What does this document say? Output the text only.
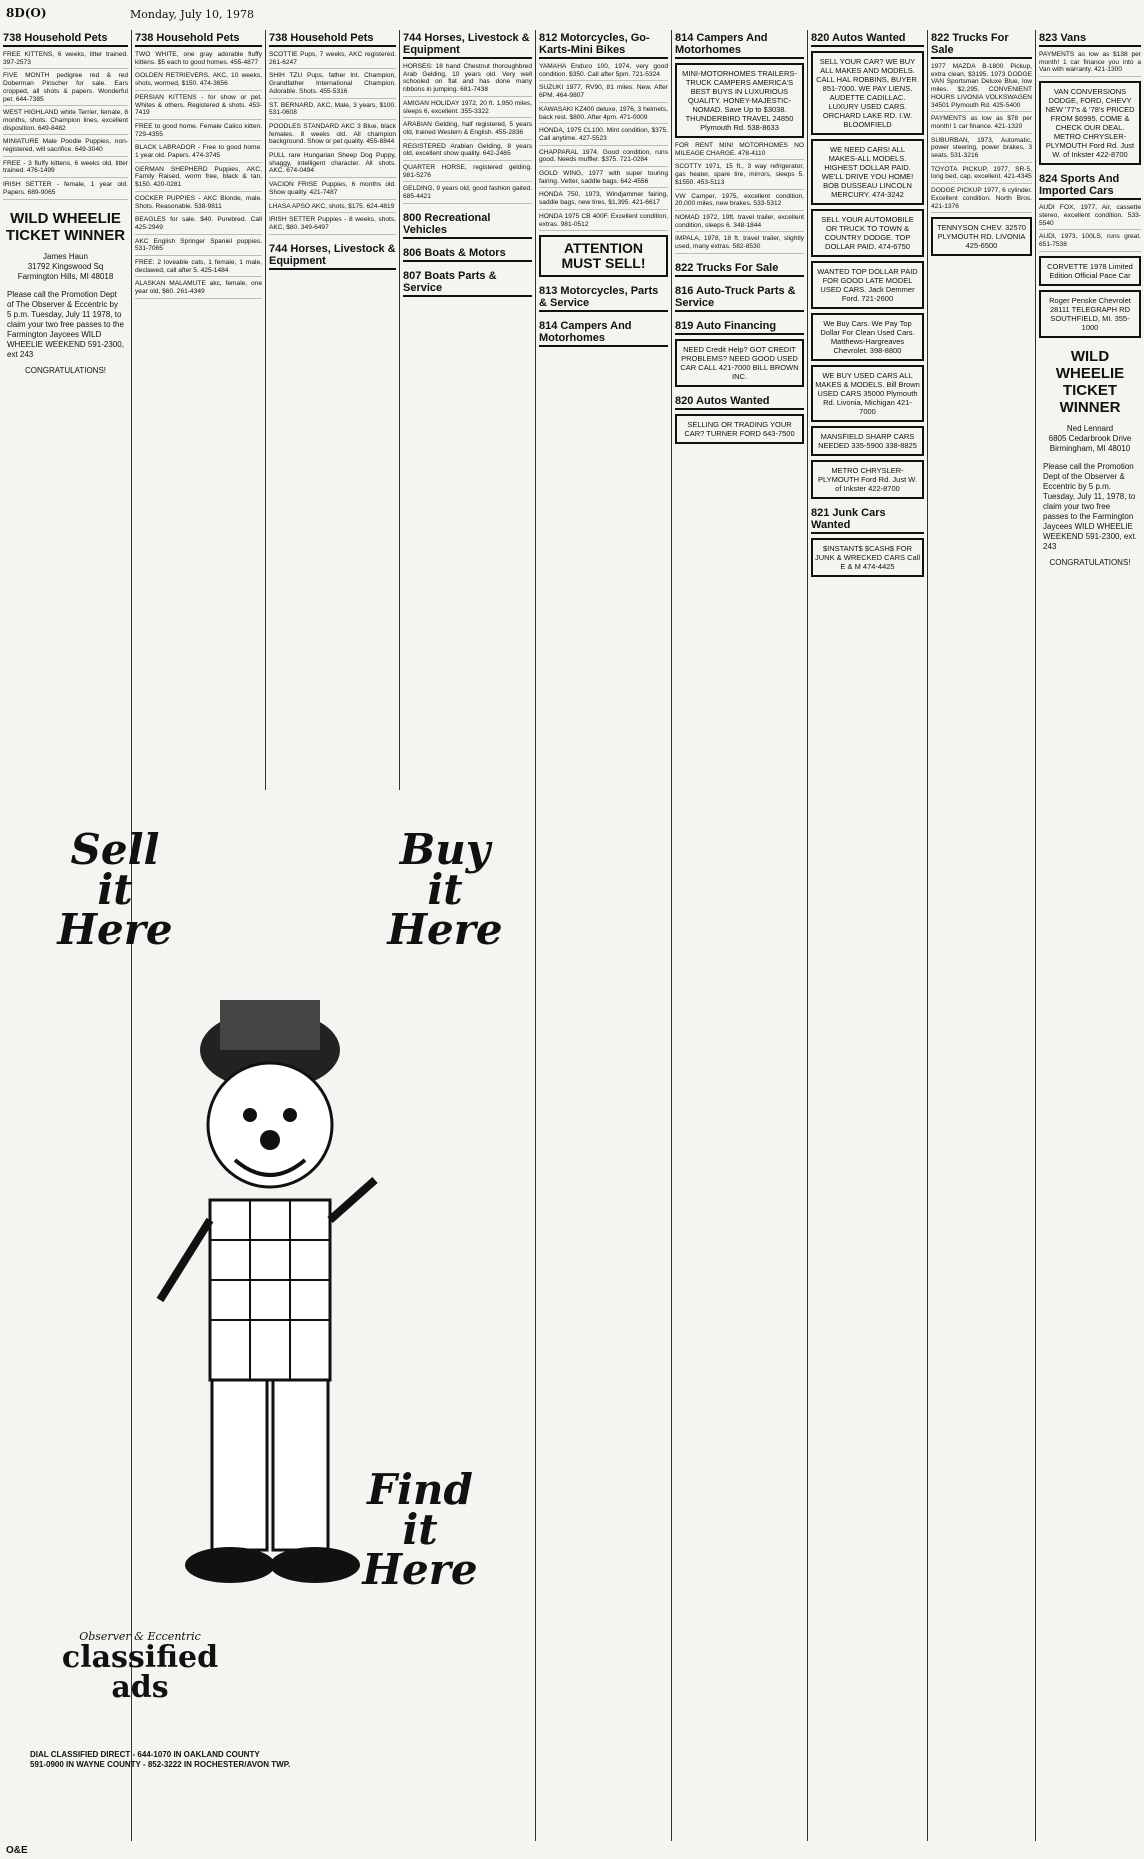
8D(O)	Monday, July 10, 1978
738 Household Pets
FREE KITTENS, 6 weeks, litter trained. 397-2573
FIVE MONTH pedigree red & red Doberman Pinscher for sale. Ears cropped, all shots & papers. Wonderful pet. 644-7385
WEST HIGHLAND white Terrier, female, 8 months, shots. Champion lines, excellent disposition. 649-8482
MINIATURE Male Poodle Puppies, non-registered, will sacrifice. 649-3040
FREE - 3 fluffy kittens, 6 weeks old, litter trained. 476-1499
IRISH SETTER - female, 1 year old. Papers. 689-9065
WILD WHEELIE TICKET WINNER
James Haun
31792 Kingswood Sq
Farmington Hills, MI 48018
Please call the Promotion Dept of The Observer & Eccentric by 5 p.m. Tuesday, July 11 1978, to claim your two free passes to the Farmington Jaycees WILD WHEELIE WEEKEND 591-2300, ext 243
CONGRATULATIONS!
738 Household Pets
TWO WHITE, one gray adorable fluffy kittens. $5 each to good homes. 455-4877
GOLDEN RETRIEVERS, AKC, 10 weeks, shots, wormed, $150. 474-3656
PERSIAN KITTENS - for show or pet. Whites & others. Registered & shots. 453-7419
FREE to good home. Female Calico kitten. 729-4355
BLACK LABRADOR - Free to good home. 1 year old. Papers. 474-3745
GERMAN SHEPHERD Puppies, AKC, Family Raised, worm free, black & tan, $150. 420-0281
COCKER PUPPIES - AKC Blonde, male. Shots. Reasonable. 538-9811
BEAGLES for sale. $40. Purebred. Call 425-2949
AKC English Springer Spaniel puppies. 531-7065
FREE: 2 loveable cats, 1 female, 1 male, declawed, call after 5. 425-1484
ALASKAN MALAMUTE akc, female, one year old, $60. 261-4349
738 Household Pets
SCOTTIE Pups, 7 weeks, AKC registered. 261-6247
SHIH TZU Pups, father Int. Champion, Grandfather International Champion. Adorable. Shots. 455-5316
ST. BERNARD, AKC, Male, 3 years, $100. 531-0608
POODLES STANDARD AKC 3 Blue, black females. 8 weeks old. All champion background. Show or pet quality. 455-8844
PULL rare Hungarian Sheep Dog Puppy, shaggy, intelligent character. All shots. AKC. 674-0494
VACION FRISE Puppies, 6 months old. Show quality. 421-7487
LHASA APSO AKC, shots, $175. 624-4819
IRISH SETTER Puppies - 8 weeks, shots, AKC, $80. 349-6497
744 Horses, Livestock & Equipment
Sell it Here
Buy it Here
Find it Here
Observer & Eccentric
classified
ads
DIAL CLASSIFIED DIRECT - 644-1070 IN OAKLAND COUNTY
591-0900 IN WAYNE COUNTY - 852-3222 IN ROCHESTER/AVON TWP.
744 Horses, Livestock & Equipment
HORSES: 18 hand Chestnut thoroughbred Arab Gelding, 10 years old. Very well schooled on flat and has done many ribbons in jumping. 681-7438
AMIGAN HOLIDAY 1972, 20 ft. 1,950 miles, sleeps 6, excellent. 355-3322
ARABIAN Gelding, half registered, 5 years old, trained Western & English. 455-2836
REGISTERED Arabian Gelding, 8 years old, excellent show quality. 642-2465
QUARTER HORSE, registered gelding. 981-5276
GELDING, 9 years old, good fashion gaited. 685-4421
800 Recreational Vehicles
806 Boats & Motors
807 Boats Parts & Service
812 Motorcycles, Go-Karts-Mini Bikes
YAMAHA Enduro 100, 1974, very good condition. $350. Call after 5pm. 721-5324
SUZUKI 1977, RV90, 81 miles. New. After 6PM. 464-9807
KAWASAKI KZ400 deluxe, 1976, 3 helmets, back rest. $800. After 4pm. 471-0009
HONDA, 1975 CL100. Mint condition, $375. Call anytime. 427-5523
CHAPPARAL 1974. Good condition, runs good. Needs muffler. $375. 721-0284
GOLD WING, 1977 with super touring fairing. Vetter, saddle bags. 642-4556
HONDA 750, 1973, Windjammer fairing, saddle bags, new tires, $1,395. 421-6617
HONDA 1975 CB 400F. Excellent condition, extras. 981-0512
ATTENTION MUST SELL!
813 Motorcycles, Parts & Service
814 Campers And Motorhomes
814 Campers And Motorhomes
MINI-MOTORHOMES TRAILERS-TRUCK CAMPERS AMERICA'S BEST BUYS IN LUXURIOUS QUALITY. HONEY-MAJESTIC-NOMAD. Save Up to $3038. THUNDERBIRD TRAVEL 24850 Plymouth Rd. 538-8633
FOR RENT MINI MOTORHOMES NO MILEAGE CHARGE. 478-4110
SCOTTY 1971, 15 ft., 3 way refrigerator, gas heater, spare tire, mirrors, sleeps 5. $1550. 453-5113
VW Camper, 1975, excellent condition, 20,000 miles, new brakes. 533-5312
NOMAD 1972, 19ft. travel trailer, excellent condition, sleeps 6. 348-1844
IMPALA, 1978, 18 ft. travel trailer, slightly used, many extras. 582-8530
822 Trucks For Sale
816 Auto-Truck Parts & Service
819 Auto Financing
NEED Credit Help? GOT CREDIT PROBLEMS? NEED GOOD USED CAR CALL 421-7000 BILL BROWN INC.
820 Autos Wanted
SELLING OR TRADING YOUR CAR? TURNER FORD 643-7500
820 Autos Wanted
SELL YOUR CAR? WE BUY ALL MAKES AND MODELS. CALL HAL ROBBINS, BUYER. 851-7000. WE PAY LIENS. AUDETTE CADILLAC. LUXURY USED CARS. ORCHARD LAKE RD. I.W. BLOOMFIELD
WE NEED CARS! ALL MAKES-ALL MODELS. HIGHEST DOLLAR PAID. WE'LL DRIVE YOU HOME! BOB DUSSEAU LINCOLN MERCURY. 474-3242
SELL YOUR AUTOMOBILE OR TRUCK TO TOWN & COUNTRY DODGE. TOP DOLLAR PAID. 474-6750
WANTED TOP DOLLAR PAID FOR GOOD LATE MODEL USED CARS. Jack Demmer Ford. 721-2600
We Buy Cars. We Pay Top Dollar For Clean Used Cars. Matthews-Hargreaves Chevrolet. 398-8800
WE BUY USED CARS ALL MAKES & MODELS. Bill Brown USED CARS 35000 Plymouth Rd. Livonia, Michigan 421-7000
MANSFIELD SHARP CARS NEEDED 335-5900 338-8825
METRO CHRYSLER-PLYMOUTH Ford Rd. Just W. of Inkster 422-8700
821 Junk Cars Wanted
$INSTANT$ $CASH$ FOR JUNK & WRECKED CARS Call E & M 474-4425
822 Trucks For Sale
1977 MAZDA B-1800 Pickup, extra clean, $3195. 1973 DODGE VAN Sportsman Deluxe Blue, low miles. $2,295. CONVENIENT HOURS LIVONIA VOLKSWAGEN 34501 Plymouth Rd. 425-5400
PAYMENTS as low as $78 per month! 1 car finance. 421-1320
SUBURBAN, 1973, Automatic, power steering, power brakes, 3 seats. 531-3216
TOYOTA PICKUP, 1977, SR-5, long bed, cap, excellent. 421-4345
DODGE PICKUP 1977, 6 cylinder. Excellent condition. North Bros. 421-1376
TENNYSON CHEV. 32570 PLYMOUTH RD. LIVONIA 425-6500
823 Vans
PAYMENTS as low as $138 per month! 1 car finance you into a Van with warranty. 421-1300
VAN CONVERSIONS DODGE, FORD, CHEVY NEW '77's & '78's PRICED FROM $6995. COME & CHECK OUR DEAL. METRO CHRYSLER-PLYMOUTH Ford Rd. Just W. of Inkster 422-8700
824 Sports And Imported Cars
AUDI FOX, 1977, Air, cassette stereo, excellent condition. 533-5540
AUDI, 1973, 100LS, runs great. 651-7538
CORVETTE 1978 Limited Edition Official Pace Car
Roger Penske Chevrolet 28111 TELEGRAPH RD SOUTHFIELD, MI. 355-1000
WILD WHEELIE TICKET WINNER
Ned Lennard
6805 Cedarbrook Drive
Birmingham, MI 48010
Please call the Promotion Dept of the Observer & Eccentric by 5 p.m. Tuesday, July 11, 1978, to claim your two free passes to the Farmington Jaycees WILD WHEELIE WEEKEND 591-2300, ext. 243
CONGRATULATIONS!
O&E
